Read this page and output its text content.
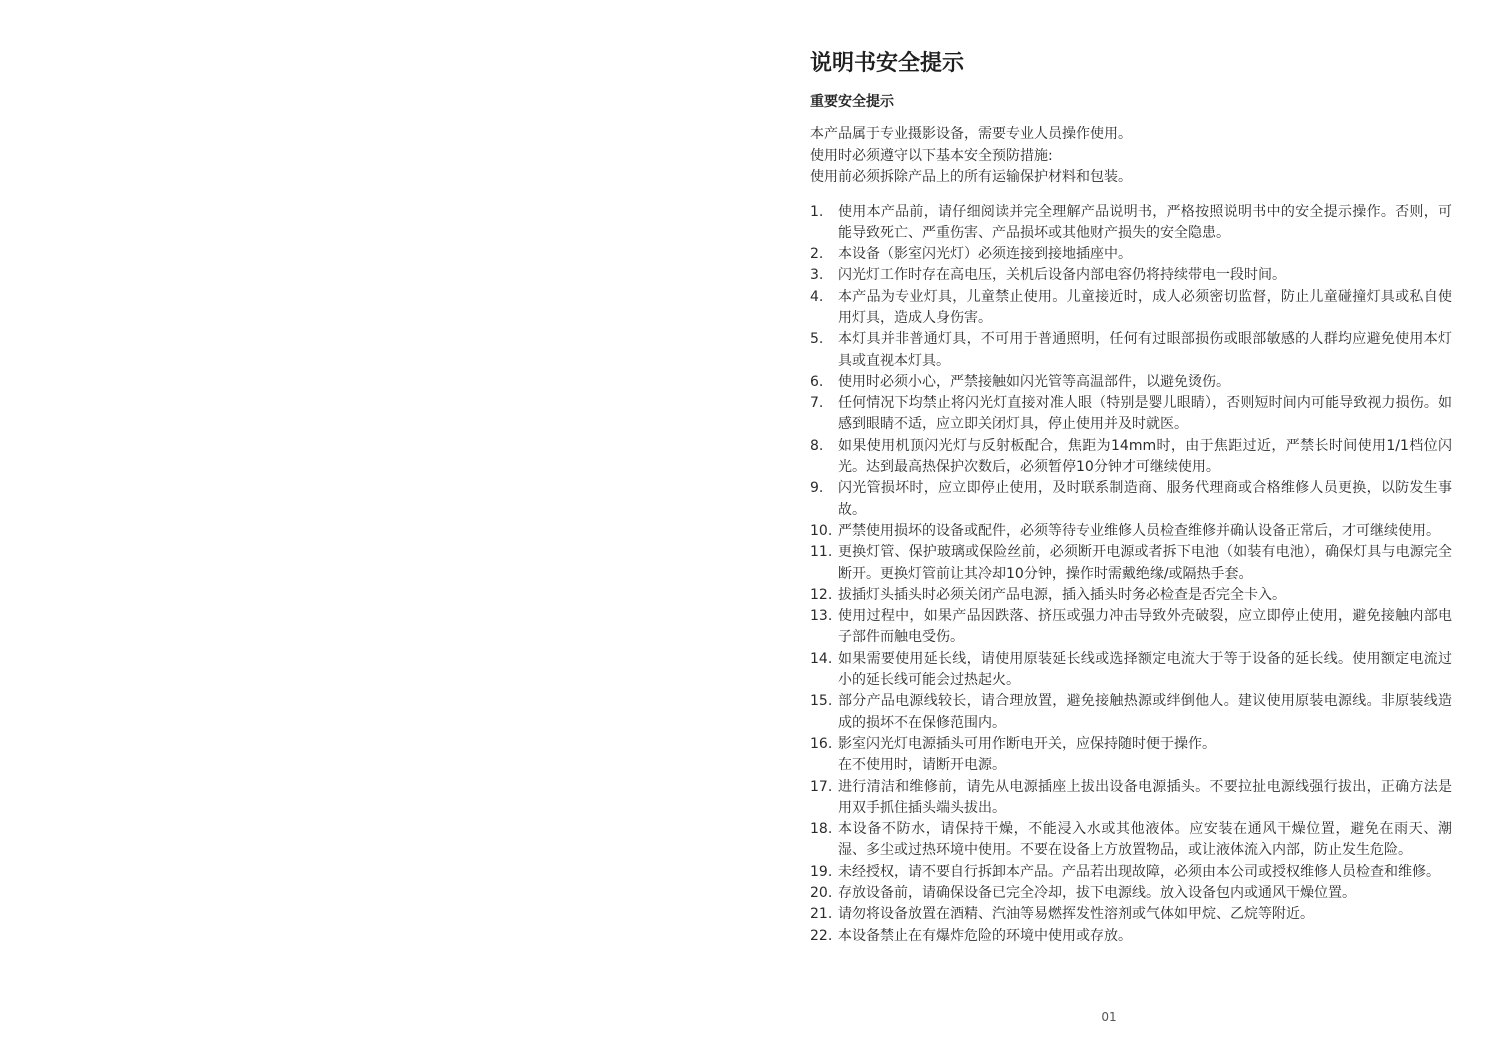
说明书安全提示
重要安全提示
本产品属于专业摄影设备，需要专业人员操作使用。
使用时必须遵守以下基本安全预防措施:
使用前必须拆除产品上的所有运输保护材料和包装。
1.	使用本产品前，请仔细阅读并完全理解产品说明书，严格按照说明书中的安全提示操作。否则，可能导致死亡、严重伤害、产品损坏或其他财产损失的安全隐患。
2.	本设备（影室闪光灯）必须连接到接地插座中。
3.	闪光灯工作时存在高电压，关机后设备内部电容仍将持续带电一段时间。
4.	本产品为专业灯具，儿童禁止使用。儿童接近时，成人必须密切监督，防止儿童碰撞灯具或私自使用灯具，造成人身伤害。
5.	本灯具并非普通灯具，不可用于普通照明，任何有过眼部损伤或眼部敏感的人群均应避免使用本灯具或直视本灯具。
6.	使用时必须小心，严禁接触如闪光管等高温部件，以避免烫伤。
7.	任何情况下均禁止将闪光灯直接对准人眼（特别是婴儿眼睛），否则短时间内可能导致视力损伤。如感到眼睛不适，应立即关闭灯具，停止使用并及时就医。
8.	如果使用机顶闪光灯与反射板配合，焦距为14mm时，由于焦距过近，严禁长时间使用1/1档位闪光。达到最高热保护次数后，必须暂停10分钟才可继续使用。
9.	闪光管损坏时，应立即停止使用，及时联系制造商、服务代理商或合格维修人员更换，以防发生事故。
10. 严禁使用损坏的设备或配件，必须等待专业维修人员检查维修并确认设备正常后，才可继续使用。
11. 更换灯管、保护玻璃或保险丝前，必须断开电源或者拆下电池（如装有电池），确保灯具与电源完全断开。更换灯管前让其冷却10分钟，操作时需戴绝缘/或隔热手套。
12. 拔插灯头插头时必须关闭产品电源，插入插头时务必检查是否完全卡入。
13. 使用过程中，如果产品因跌落、挤压或强力冲击导致外壳破裂，应立即停止使用，避免接触内部电子部件而触电受伤。
14. 如果需要使用延长线，请使用原装延长线或选择额定电流大于等于设备的延长线。使用额定电流过小的延长线可能会过热起火。
15. 部分产品电源线较长，请合理放置，避免接触热源或绊倒他人。建议使用原装电源线。非原装线造成的损坏不在保修范围内。
16. 影室闪光灯电源插头可用作断电开关，应保持随时便于操作。
在不使用时，请断开电源。
17. 进行清洁和维修前，请先从电源插座上拔出设备电源插头。不要拉扯电源线强行拔出，正确方法是用双手抓住插头端头拔出。
18. 本设备不防水，请保持干燥，不能浸入水或其他液体。应安装在通风干燥位置，避免在雨天、潮湿、多尘或过热环境中使用。不要在设备上方放置物品，或让液体流入内部，防止发生危险。
19. 未经授权，请不要自行拆卸本产品。产品若出现故障，必须由本公司或授权维修人员检查和维修。
20. 存放设备前，请确保设备已完全冷却，拔下电源线。放入设备包内或通风干燥位置。
21. 请勿将设备放置在酒精、汽油等易燃挥发性溶剂或气体如甲烷、乙烷等附近。
22. 本设备禁止在有爆炸危险的环境中使用或存放。
01
